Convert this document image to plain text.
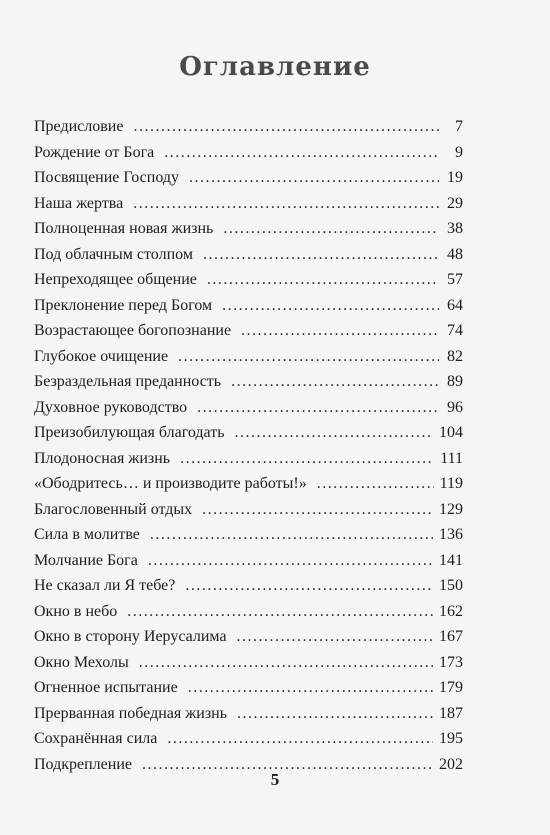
Оглавление
Предисловие .....	7
Рождение от Бога .....	9
Посвящение Господу .....	19
Наша жертва .....	29
Полноценная новая жизнь .....	38
Под облачным столпом .....	48
Непреходящее общение .....	57
Преклонение перед Богом .....	64
Возрастающее богопознание .....	74
Глубокое очищение .....	82
Безраздельная преданность .....	89
Духовное руководство .....	96
Преизобилующая благодать .....	104
Плодоносная жизнь .....	111
«Ободритесь… и производите работы!» .....	119
Благословенный отдых .....	129
Сила в молитве .....	136
Молчание Бога .....	141
Не сказал ли Я тебе? .....	150
Окно в небо .....	162
Окно в сторону Иерусалима .....	167
Окно Мехолы .....	173
Огненное испытание .....	179
Прерванная победная жизнь .....	187
Сохранённая сила .....	195
Подкрепление .....	202
5
